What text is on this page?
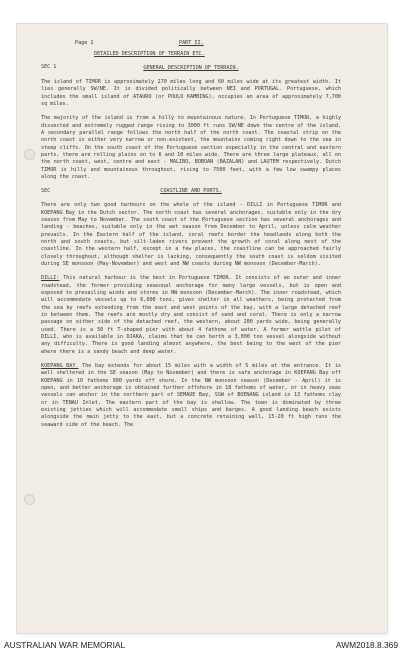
Page 1	PART II.
DETAILED DESCRIPTION OF TERRAIN ETC.
SEC 1	GENERAL DESCRIPTION OF TERRAIN.

The island of TIMOR is approximately 270 miles long and 60 miles wide at its greatest width. It lies generally SW/NE. It is divided politically between NEI and PORTUGAL. Portuguese, which includes the small island of ATAURO (or POULO KAMBING), occupies an area of approximately 7,700 sq miles.

The majority of the island is from a hilly to mountainous nature. In Portuguese TIMOR, a highly dissected and extremely rugged range rising to 3000 ft runs SW/NE down the centre of the island. A secondary parallel range follows the north half of the north coast. The coastal strip on the north coast is either very narrow or non-existent, the mountains coming right down to the sea in steep cliffs. On the south coast of the Portuguese section especially in the central and eastern parts, there are rolling plains on to 6 and 10 miles wide. There are three large plateaux, all on the north coast, west, centre and east - MALIBO, BOBOAN (BAZALAN) and LAUTEM respectively. Dutch TIMOR is hilly and mountainous throughout, rising to 7500 feet, with a few low swampy places along the coast.

SEC	COASTLINE AND PORTS.

There are only two good harbours on the whole of the island - DILLI in Portuguese TIMOR and KOEPANG Bay in the Dutch sector. The north coast has several anchorages, suitable only in the dry season from May to November. The south coast of the Portuguese section has several anchorages and landing - beaches, suitable only in the wet season from December to April, unless calm weather prevails. In the Eastern half of the island, coral reefs border the headlands along both the north and south coasts, but silt-laden rivers prevent the growth of coral along most of the coastline. In the western half, except in a few places, the coastline can be approached fairly closely throughout, although shelter is lacking, consequently the south coast is seldom visited during SE monsoon (May-November) and west and NW coasts during NW monsoon (December-March).

DILLI: This natural harbour is the best in Portuguese TIMOR. It consists of an outer and inner roadstead, the former providing seasonal anchorage for many large vessels, but is open and exposed to prevailing winds and storms in NW monsoon (December-March). The inner roadstead, which will accommodate vessels up to 6,000 tons, gives shelter in all weathers, being protected from the sea by reefs extending from the east and west points of the bay, with a large detached reef in between them. The reefs are mostly dry and consist of sand and coral. There is only a narrow passage on either side of the detached reef, the western, about 200 yards wide, being generally used. There is a 50 ft T-shaped pier with about 4 fathoms of water. A former wattle pilot of DILLI, who is available in DJAKA, claims that he can berth a 3,000 ton vessel alongside without any difficulty. There is good landing almost anywhere, the best being to the west of the pier where there is a sandy beach and deep water.

KOEPANG BAY. The bay extends for about 15 miles with a width of 5 miles at the entrance. It is well sheltered in the SE season (May to November) and there is safe anchorage in KOEPANG Bay off KOEPANG in 10 fathoms 900 yards off shore. In the NW monsoon season (December - April) it is open, and better anchorage is obtained further offshore in 18 fathoms of water, or in heavy seas vessels can anchor in the northern part of SEMAUE Bay, SSW of BOENANG island in 13 fathoms clay or in TENAU Inlet. The eastern part of the bay is shallow. The town is dominated by three existing jetties which will accommodate small ships and barges. A good landing beach exists alongside the main jetty to the east, but a concrete retaining wall, 15-20 ft high runs the seaward side of the beach. The

AUSTRALIAN WAR MEMORIAL	AWM2018.8.369
